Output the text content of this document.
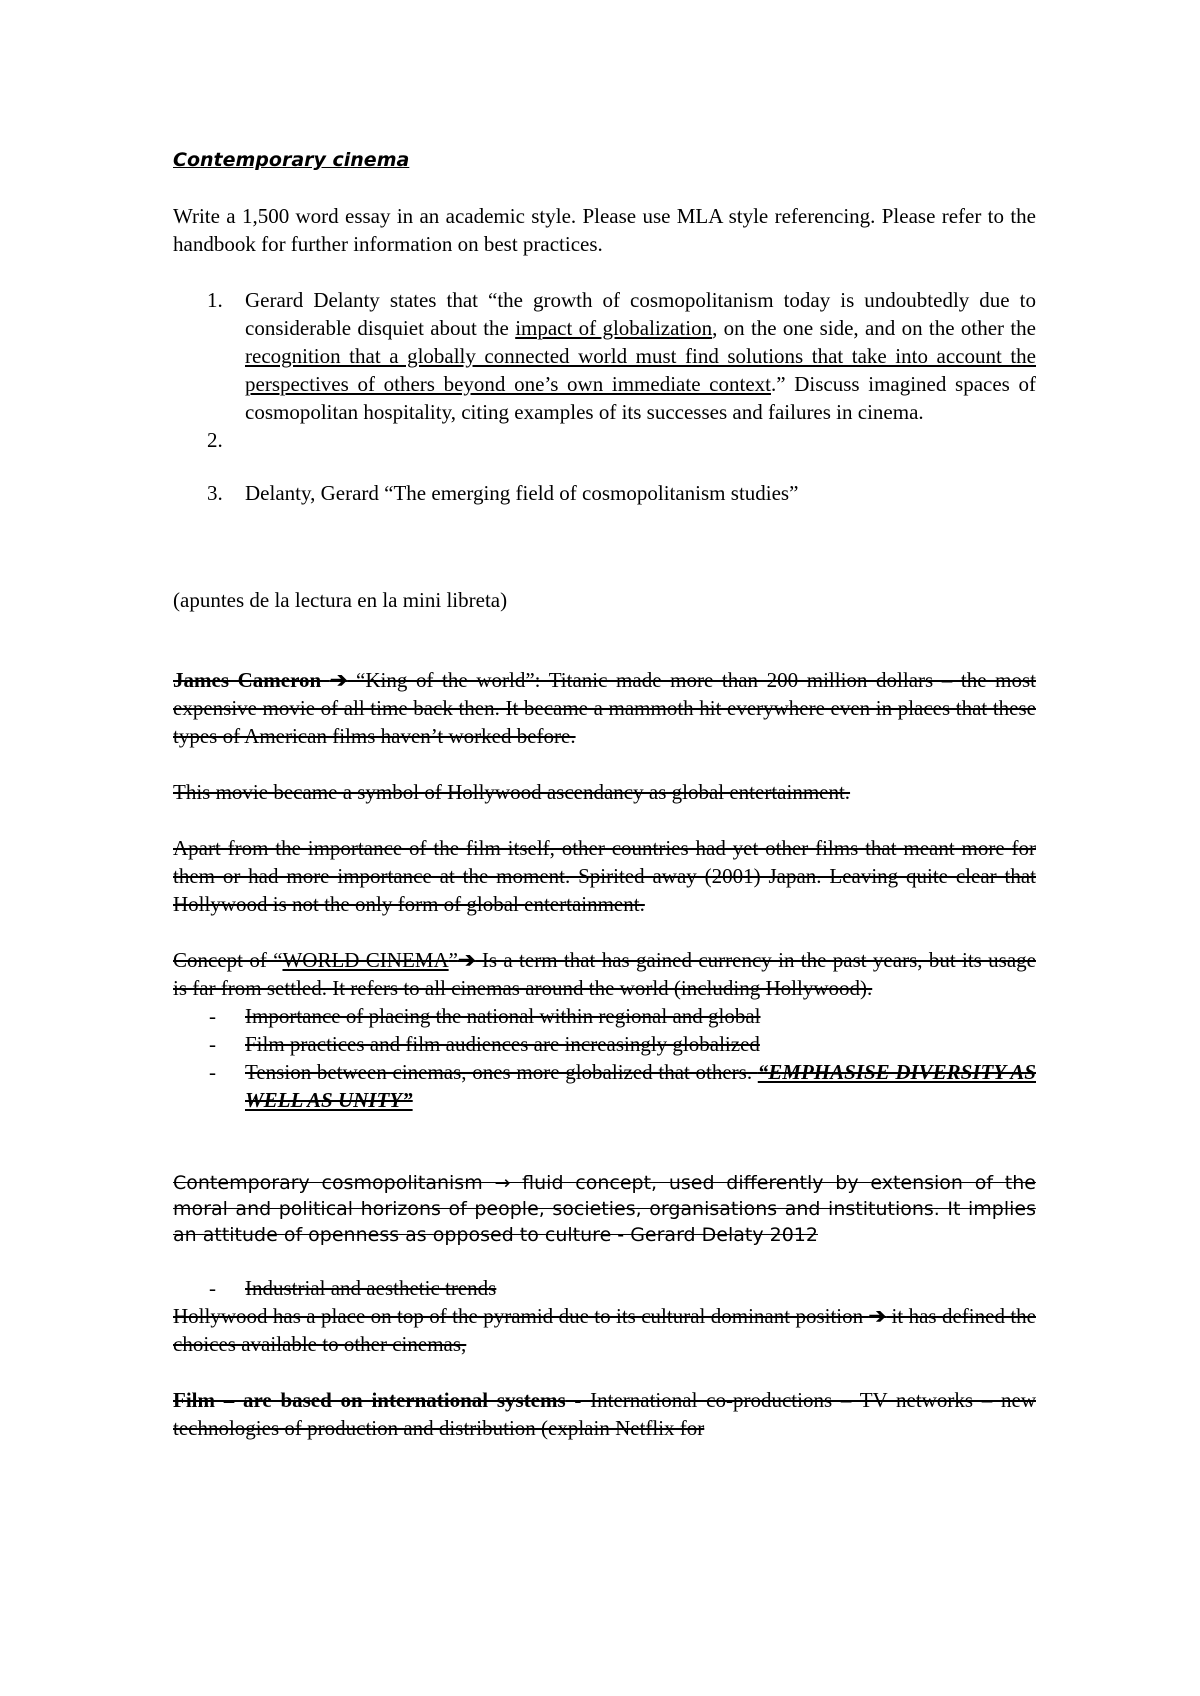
Contemporary cinema

Write a 1,500 word essay in an academic style. Please use MLA style referencing. Please refer to the handbook for further information on best practices.

1. Gerard Delanty states that “the growth of cosmopolitanism today is undoubtedly due to considerable disquiet about the impact of globalization, on the one side, and on the other the recognition that a globally connected world must find solutions that take into account the perspectives of others beyond one’s own immediate context.” Discuss imagined spaces of cosmopolitan hospitality, citing examples of its successes and failures in cinema.
2.
3. Delanty, Gerard “The emerging field of cosmopolitanism studies”

(apuntes de la lectura en la mini libreta)

James Cameron ➔ “King of the world”: Titanic made more than 200 million dollars – the most expensive movie of all time back then. It became a mammoth hit everywhere even in places that these types of American films haven’t worked before.

This movie became a symbol of Hollywood ascendancy as global entertainment.

Apart from the importance of the film itself, other countries had yet other films that meant more for them or had more importance at the moment. Spirited away (2001) Japan. Leaving quite clear that Hollywood is not the only form of global entertainment.

Concept of “WORLD CINEMA”➔ Is a term that has gained currency in the past years, but its usage is far from settled. It refers to all cinemas around the world (including Hollywood).

- Importance of placing the national within regional and global
- Film practices and film audiences are increasingly globalized
- Tension between cinemas, ones more globalized that others. “EMPHASISE DIVERSITY AS WELL AS UNITY”

Contemporary cosmopolitanism → fluid concept, used differently by extension of the moral and political horizons of people, societies, organisations and institutions. It implies an attitude of openness as opposed to culture - Gerard Delaty 2012

- Industrial and aesthetic trends

Hollywood has a place on top of the pyramid due to its cultural dominant position ➔ it has defined the choices available to other cinemas,

Film – are based on international systems - International co-productions – TV networks – new technologies of production and distribution (explain Netflix for
